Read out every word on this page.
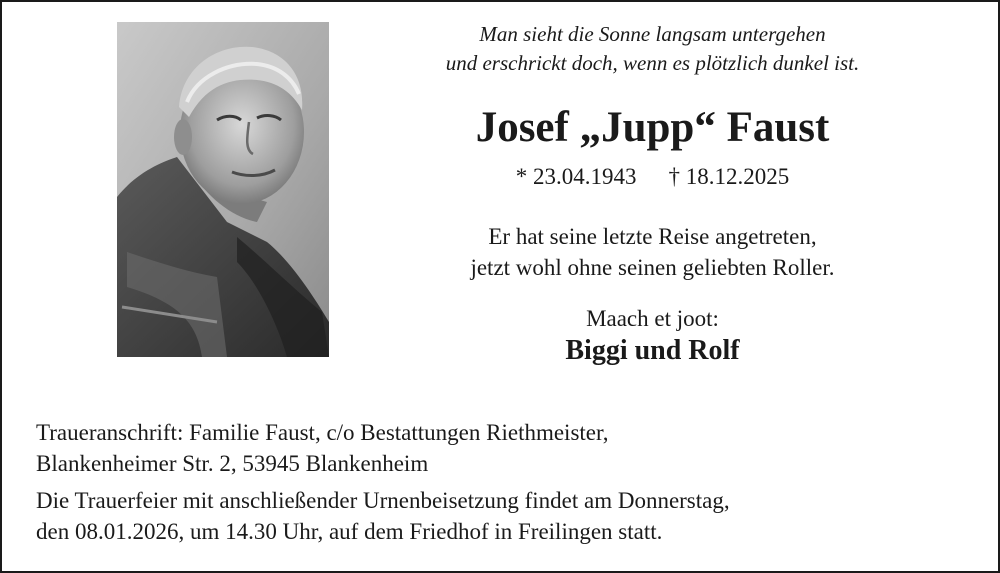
Man sieht die Sonne langsam untergehen
und erschrickt doch, wenn es plötzlich dunkel ist.
Josef „Jupp“ Faust
* 23.04.1943 † 18.12.2025
Er hat seine letzte Reise angetreten,
jetzt wohl ohne seinen geliebten Roller.
Maach et joot:
Biggi und Rolf
Traueranschrift: Familie Faust, c/o Bestattungen Riethmeister,
Blankenheimer Str. 2, 53945 Blankenheim
Die Trauerfeier mit anschließender Urnenbeisetzung findet am Donnerstag,
den 08.01.2026, um 14.30 Uhr, auf dem Friedhof in Freilingen statt.
